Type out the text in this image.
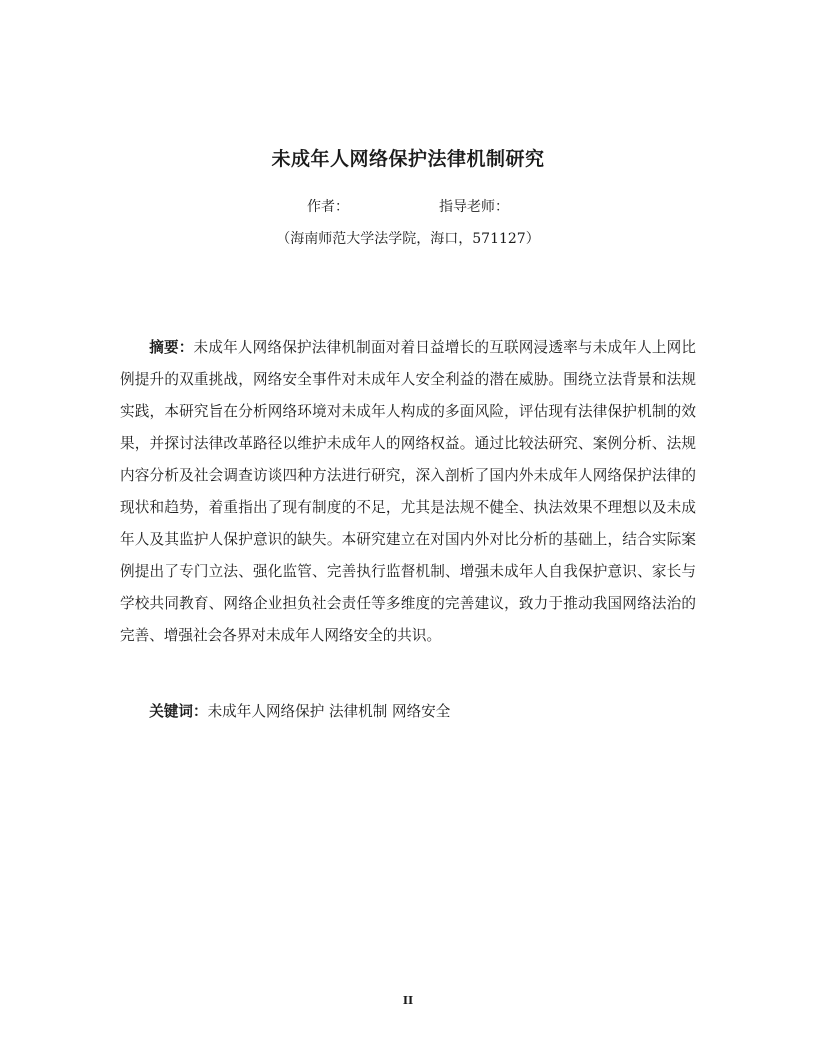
未成年人网络保护法律机制研究
作者：	指导老师：
（海南师范大学法学院，海口，571127）
摘要：未成年人网络保护法律机制面对着日益增长的互联网浸透率与未成年人上网比例提升的双重挑战，网络安全事件对未成年人安全利益的潜在威胁。围绕立法背景和法规实践，本研究旨在分析网络环境对未成年人构成的多面风险，评估现有法律保护机制的效果，并探讨法律改革路径以维护未成年人的网络权益。通过比较法研究、案例分析、法规内容分析及社会调查访谈四种方法进行研究，深入剖析了国内外未成年人网络保护法律的现状和趋势，着重指出了现有制度的不足，尤其是法规不健全、执法效果不理想以及未成年人及其监护人保护意识的缺失。本研究建立在对国内外对比分析的基础上，结合实际案例提出了专门立法、强化监管、完善执行监督机制、增强未成年人自我保护意识、家长与学校共同教育、网络企业担负社会责任等多维度的完善建议，致力于推动我国网络法治的完善、增强社会各界对未成年人网络安全的共识。
关键词：未成年人网络保护 法律机制 网络安全
II
